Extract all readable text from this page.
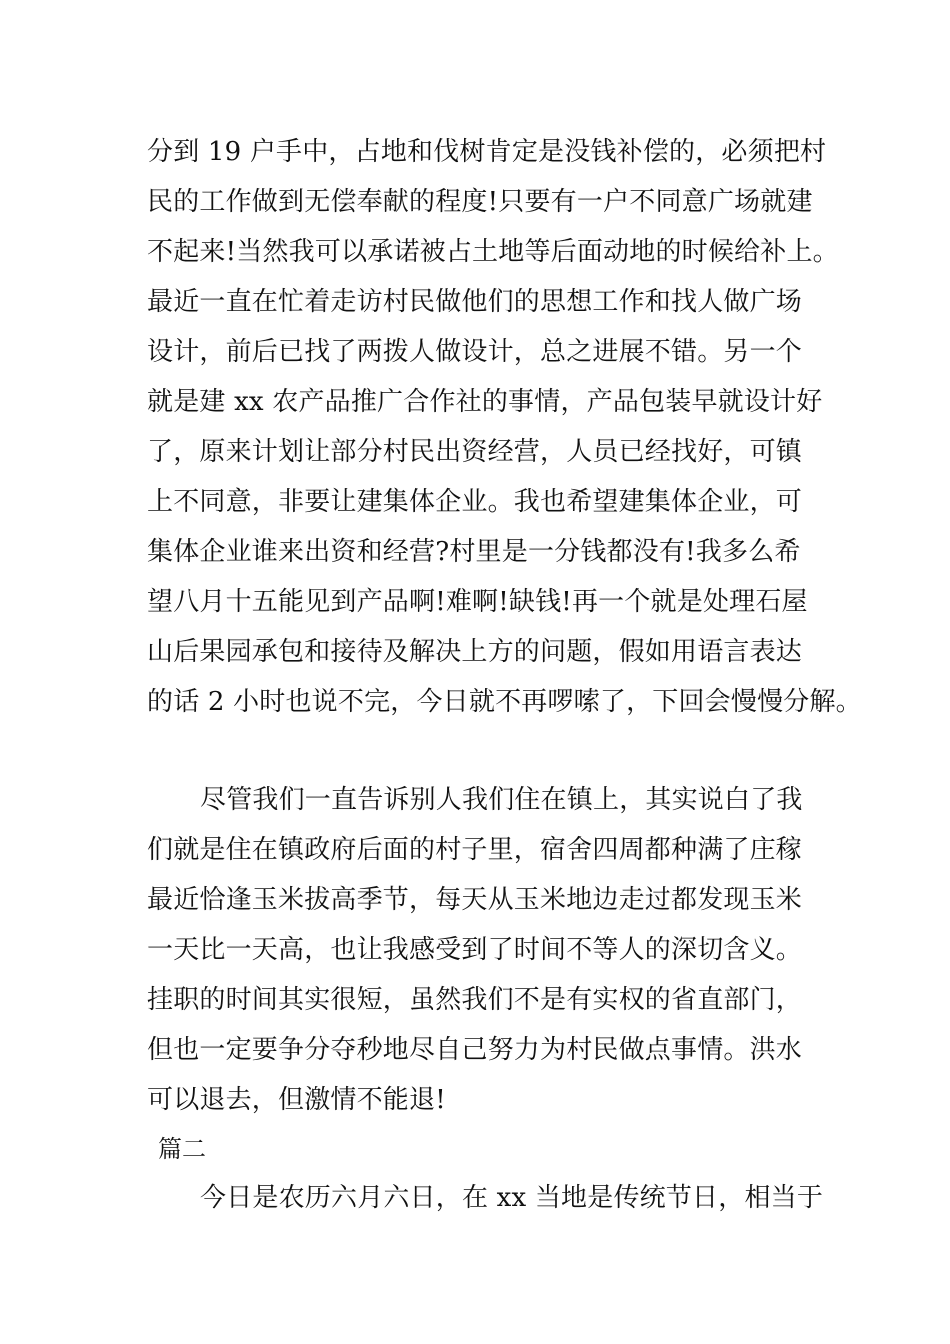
分到 19 户手中，占地和伐树肯定是没钱补偿的，必须把村
民的工作做到无偿奉献的程度!只要有一户不同意广场就建
不起来!当然我可以承诺被占土地等后面动地的时候给补上。
最近一直在忙着走访村民做他们的思想工作和找人做广场
设计，前后已找了两拨人做设计，总之进展不错。另一个
就是建 xx 农产品推广合作社的事情，产品包装早就设计好
了，原来计划让部分村民出资经营，人员已经找好，可镇
上不同意，非要让建集体企业。我也希望建集体企业，可
集体企业谁来出资和经营?村里是一分钱都没有!我多么希
望八月十五能见到产品啊!难啊!缺钱!再一个就是处理石屋
山后果园承包和接待及解决上方的问题，假如用语言表达
的话 2 小时也说不完，今日就不再啰嗦了，下回会慢慢分解。
尽管我们一直告诉别人我们住在镇上，其实说白了我
们就是住在镇政府后面的村子里，宿舍四周都种满了庄稼
最近恰逢玉米拔高季节，每天从玉米地边走过都发现玉米
一天比一天高，也让我感受到了时间不等人的深切含义。
挂职的时间其实很短，虽然我们不是有实权的省直部门，
但也一定要争分夺秒地尽自己努力为村民做点事情。洪水
可以退去，但激情不能退!
篇二
今日是农历六月六日，在 xx 当地是传统节日，相当于
